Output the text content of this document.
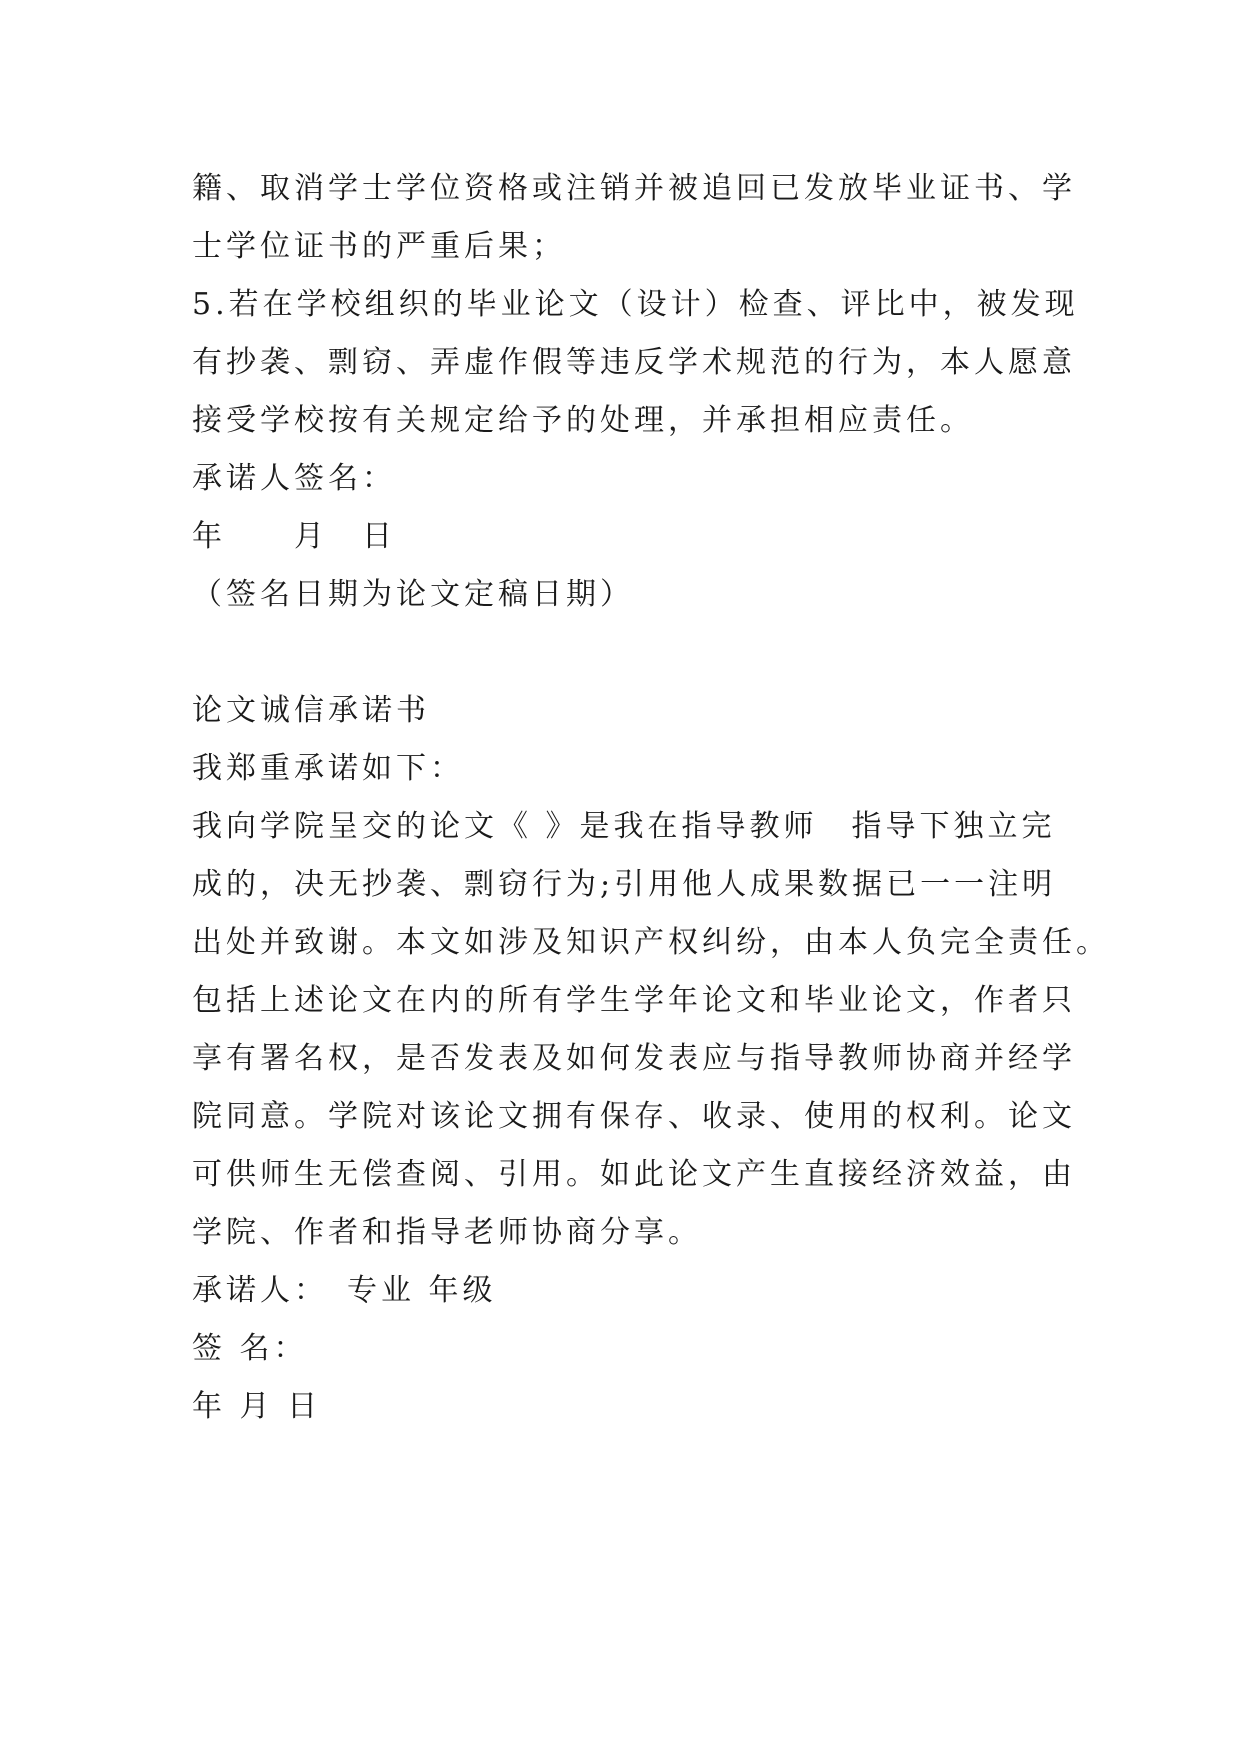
籍、取消学士学位资格或注销并被追回已发放毕业证书、学
士学位证书的严重后果；
5.若在学校组织的毕业论文（设计）检查、评比中，被发现
有抄袭、剽窃、弄虚作假等违反学术规范的行为，本人愿意
接受学校按有关规定给予的处理，并承担相应责任。
承诺人签名：
年　　月　日
（签名日期为论文定稿日期）
论文诚信承诺书
我郑重承诺如下：
我向学院呈交的论文《 》是我在指导教师　指导下独立完
成的，决无抄袭、剽窃行为;引用他人成果数据已一一注明
出处并致谢。本文如涉及知识产权纠纷，由本人负完全责任。
包括上述论文在内的所有学生学年论文和毕业论文，作者只
享有署名权，是否发表及如何发表应与指导教师协商并经学
院同意。学院对该论文拥有保存、收录、使用的权利。论文
可供师生无偿查阅、引用。如此论文产生直接经济效益，由
学院、作者和指导老师协商分享。
承诺人：　专业 年级
签 名：
年 月 日
